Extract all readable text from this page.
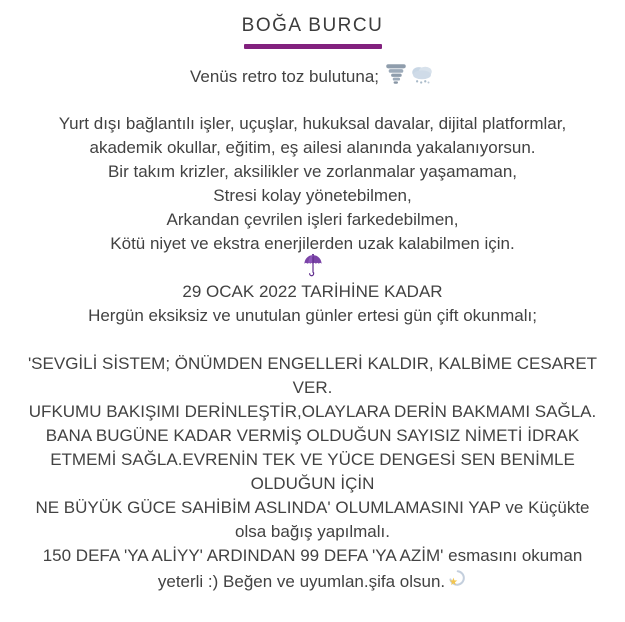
BOĞA BURCU
Venüs retro toz bulutuna;
Yurt dışı bağlantılı işler, uçuşlar, hukuksal davalar, dijital platformlar,
akademik okullar, eğitim, eş ailesi alanında yakalanıyorsun.
Bir takım krizler, aksilikler ve zorlanmalar yaşamaman,
Stresi kolay yönetebilmen,
Arkandan çevrilen işleri farkedebilmen,
Kötü niyet ve ekstra enerjilerden uzak kalabilmen için.
29 OCAK 2022 TARİHİNE KADAR
Hergün eksiksiz ve unutulan günler ertesi gün çift okunmalı;
'SEVGİLİ SİSTEM; ÖNÜMDEN ENGELLERİ KALDIR, KALBİME CESARET
VER.
UFKUMU BAKIŞIMI DERİNLEŞTİR,OLAYLARA DERİN BAKMAMI SAĞLA.
BANA BUGÜNE KADAR VERMİŞ OLDUĞUN SAYISIZ NİMETİ İDRAK
ETMEMİ SAĞLA.EVRENİN TEK VE YÜCE DENGESİ SEN BENİMLE
OLDUĞUN İÇİN
NE BÜYÜK GÜCE SAHİBİM ASLINDA' OLUMLAMASINI YAP ve Küçükte
olsa bağış yapılmalı.
150 DEFA 'YA ALİYY' ARDINDAN 99 DEFA 'YA AZİM' esmasını okuman
yeterli :) Beğen ve uyumlan.şifa olsun.
